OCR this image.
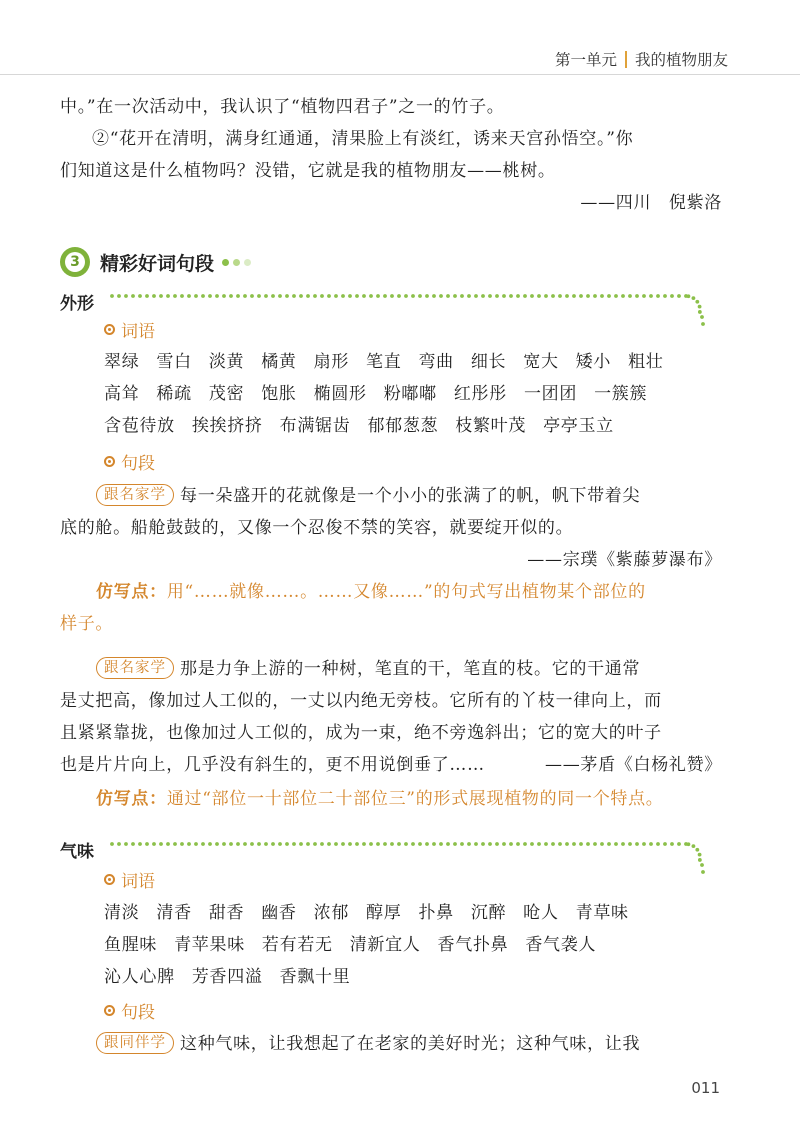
第一单元 我的植物朋友
中。”在一次活动中，我认识了“植物四君子”之一的竹子。
②“花开在清明，满身红通通，清果脸上有淡红，诱来天宫孙悟空。”你
们知道这是什么植物吗？没错，它就是我的植物朋友——桃树。
——四川　倪紫洛
3 精彩好词句段
外形
词语
翠绿 雪白 淡黄 橘黄 扇形 笔直 弯曲 细长 宽大 矮小 粗壮
高耸 稀疏 茂密 饱胀 椭圆形 粉嘟嘟 红彤彤 一团团 一簇簇
含苞待放 挨挨挤挤 布满锯齿 郁郁葱葱 枝繁叶茂 亭亭玉立
句段
跟名家学 每一朵盛开的花就像是一个小小的张满了的帆，帆下带着尖
底的舱。船舱鼓鼓的，又像一个忍俊不禁的笑容，就要绽开似的。
——宗璞《紫藤萝瀑布》
仿写点：用“……就像……。……又像……”的句式写出植物某个部位的
样子。
跟名家学 那是力争上游的一种树，笔直的干，笔直的枝。它的干通常
是丈把高，像加过人工似的，一丈以内绝无旁枝。它所有的丫枝一律向上，而
且紧紧靠拢，也像加过人工似的，成为一束，绝不旁逸斜出；它的宽大的叶子
也是片片向上，几乎没有斜生的，更不用说倒垂了……	——茅盾《白杨礼赞》
仿写点：通过“部位一十部位二十部位三”的形式展现植物的同一个特点。
气味
词语
清淡 清香 甜香 幽香 浓郁 醇厚 扑鼻 沉醉 呛人 青草味
鱼腥味 青苹果味 若有若无 清新宜人 香气扑鼻 香气袭人
沁人心脾 芳香四溢 香飘十里
句段
跟同伴学 这种气味，让我想起了在老家的美好时光；这种气味，让我
011
